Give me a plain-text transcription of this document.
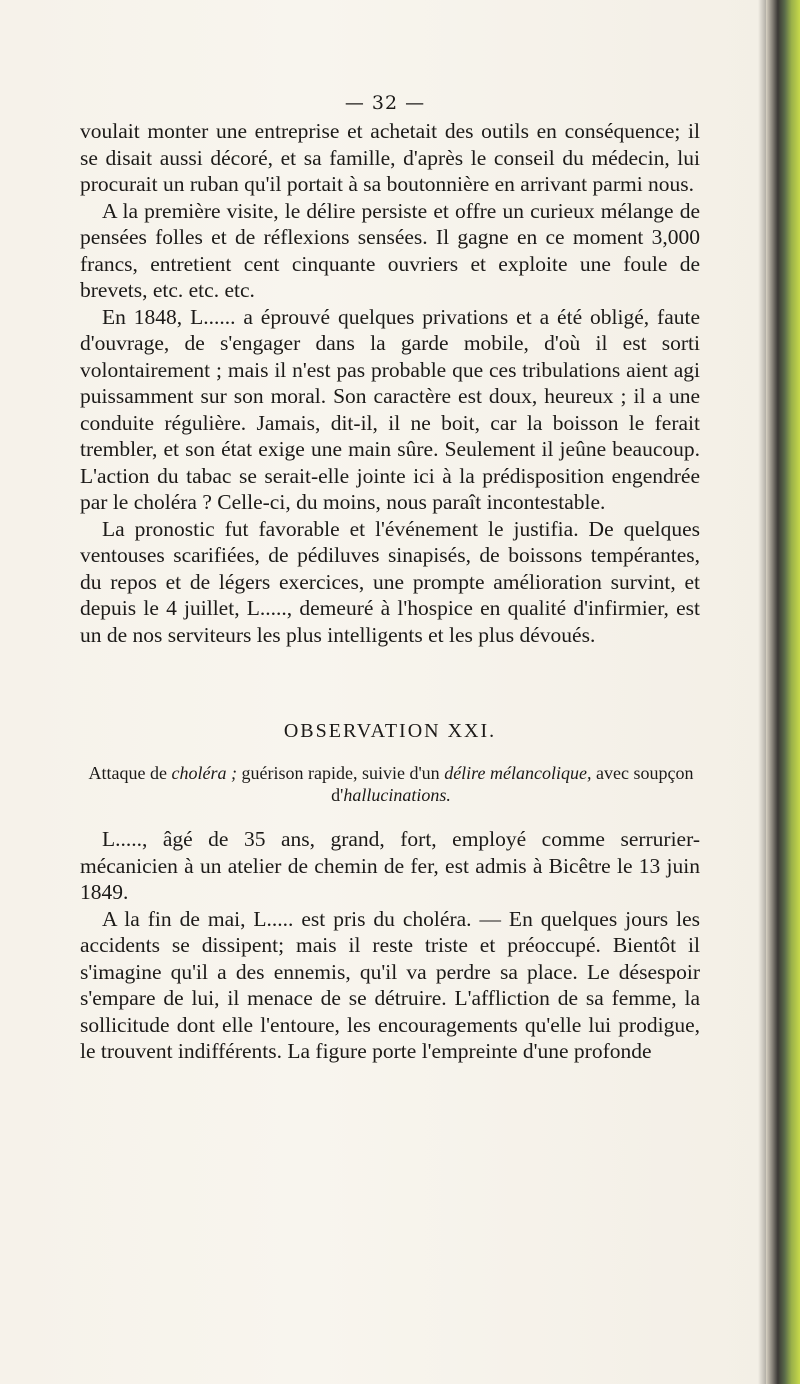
— 32 —

voulait monter une entreprise et achetait des outils en conséquence; il se disait aussi décoré, et sa famille, d'après le conseil du médecin, lui procurait un ruban qu'il portait à sa boutonnière en arrivant parmi nous.

A la première visite, le délire persiste et offre un curieux mélange de pensées folles et de réflexions sensées. Il gagne en ce moment 3,000 francs, entretient cent cinquante ouvriers et exploite une foule de brevets, etc. etc. etc.

En 1848, L...... a éprouvé quelques privations et a été obligé, faute d'ouvrage, de s'engager dans la garde mobile, d'où il est sorti volontairement ; mais il n'est pas probable que ces tribulations aient agi puissamment sur son moral. Son caractère est doux, heureux ; il a une conduite régulière. Jamais, dit-il, il ne boit, car la boisson le ferait trembler, et son état exige une main sûre. Seulement il jeûne beaucoup. L'action du tabac se serait-elle jointe ici à la prédisposition engendrée par le choléra ? Celle-ci, du moins, nous paraît incontestable.

La pronostic fut favorable et l'événement le justifia. De quelques ventouses scarifiées, de pédiluves sinapisés, de boissons tempérantes, du repos et de légers exercices, une prompte amélioration survint, et depuis le 4 juillet, L....., demeuré à l'hospice en qualité d'infirmier, est un de nos serviteurs les plus intelligents et les plus dévoués.

OBSERVATION XXI.
Attaque de choléra ; guérison rapide, suivie d'un délire mélancolique, avec soupçon d'hallucinations.

L....., âgé de 35 ans, grand, fort, employé comme serrurier-mécanicien à un atelier de chemin de fer, est admis à Bicêtre le 13 juin 1849.

A la fin de mai, L..... est pris du choléra. — En quelques jours les accidents se dissipent; mais il reste triste et préoccupé. Bientôt il s'imagine qu'il a des ennemis, qu'il va perdre sa place. Le désespoir s'empare de lui, il menace de se détruire. L'affliction de sa femme, la sollicitude dont elle l'entoure, les encouragements qu'elle lui prodigue, le trouvent indifférents. La figure porte l'empreinte d'une profonde
